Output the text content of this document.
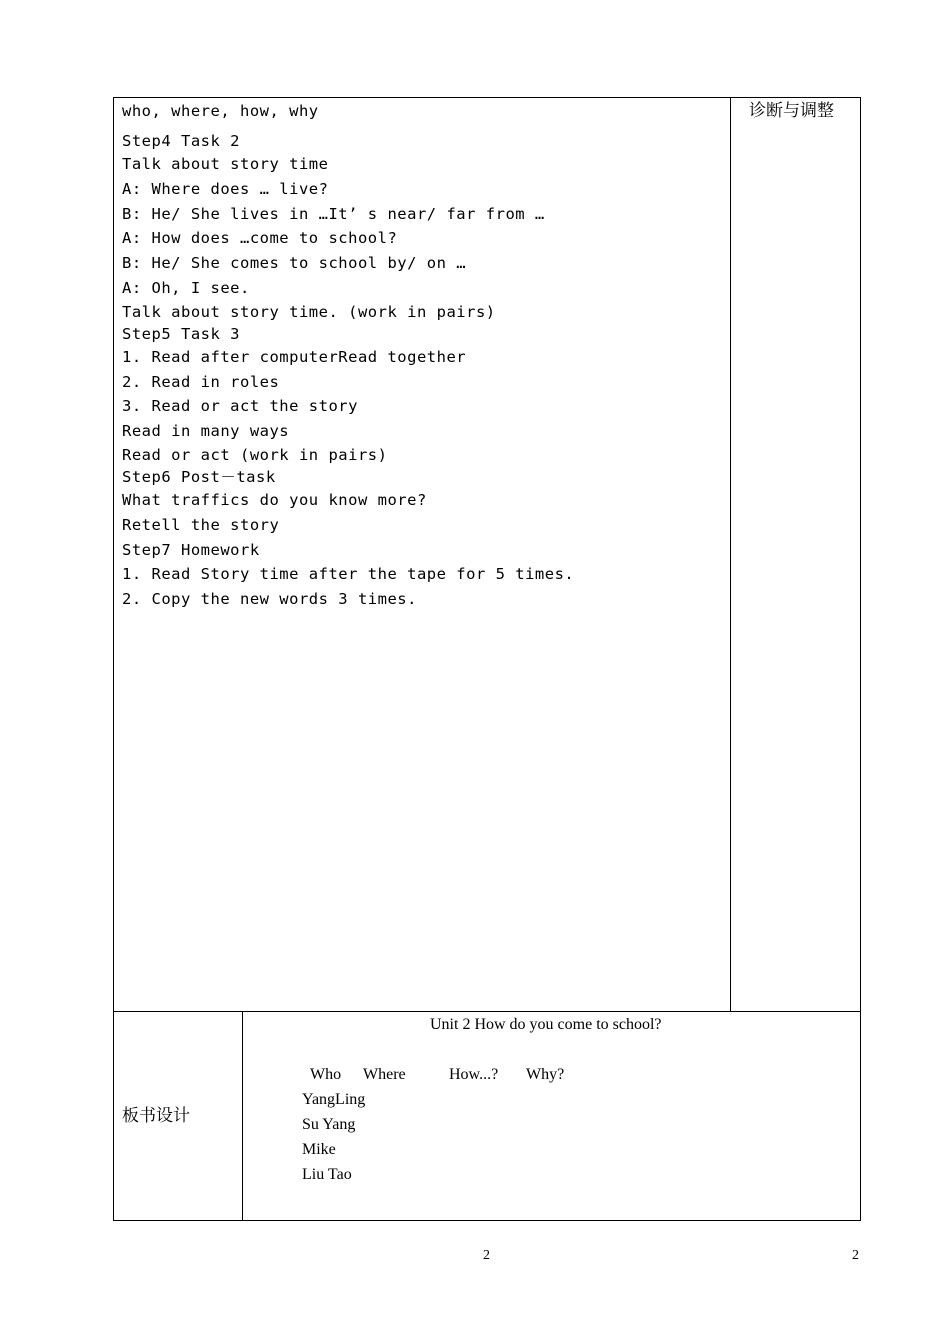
who, where, how, why
Step4 Task 2
Talk about story time
A: Where does … live?
B: He/ She lives in …It’ s near/ far from …
A: How does …come to school?
B: He/ She comes to school by/ on …
A: Oh, I see.
Talk about story time. (work in pairs)
Step5 Task 3
1. Read after computerRead together
2. Read in roles
3. Read or act the story
Read in many ways
Read or act (work in pairs)
Step6 Post－task
What traffics do you know more?
Retell the story
Step7 Homework
1. Read Story time after the tape for 5 times.
2. Copy the new words 3 times.
诊断与调整
板书设计
Unit 2 How do you come to school?
Who Where	How...? Why?
YangLing
Su Yang
Mike
Liu Tao
2	2
